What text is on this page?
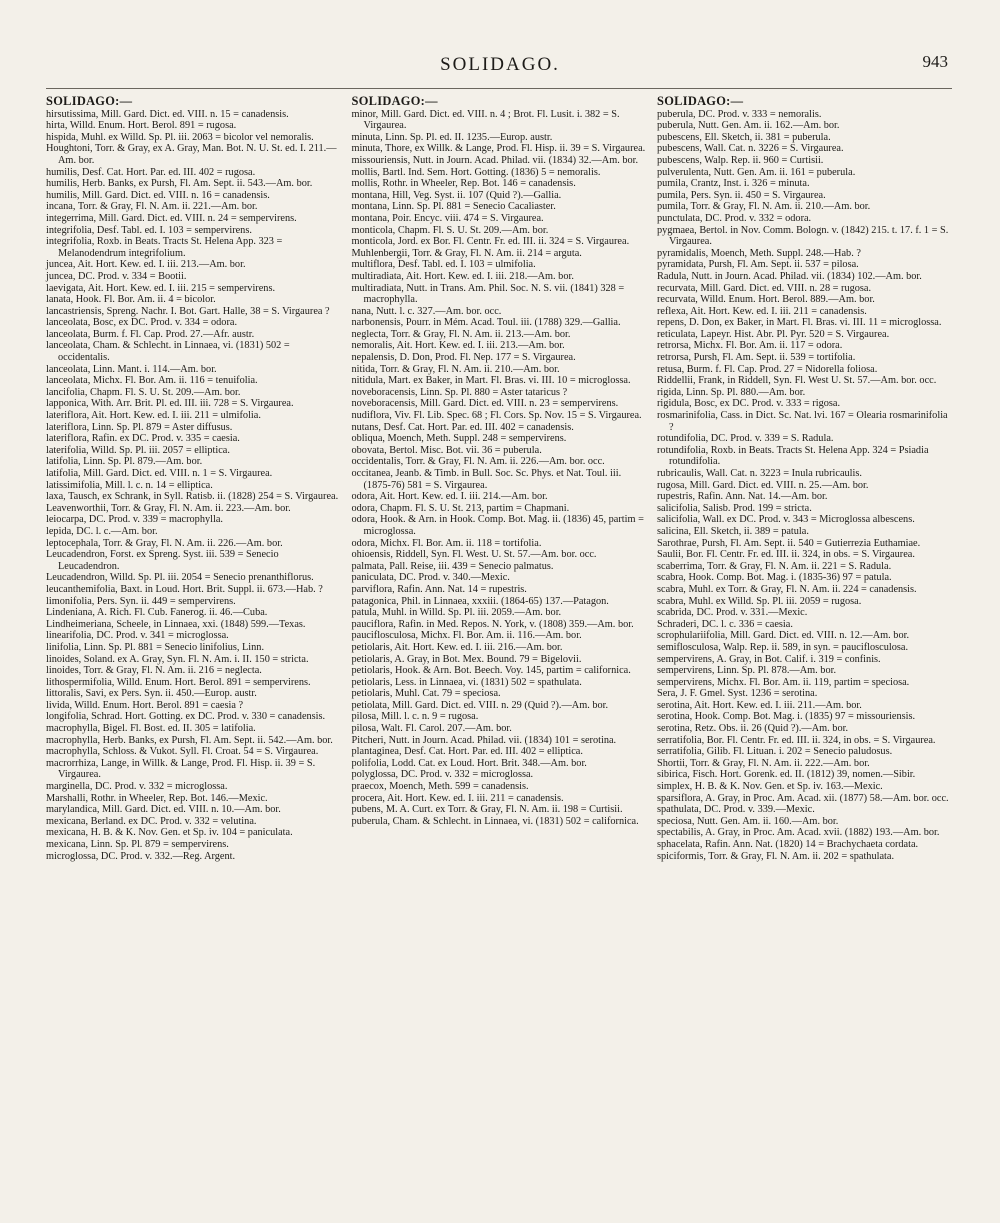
SOLIDAGO.	943
SOLIDAGO:—
hirsutissima, Mill. Gard. Dict. ed. VIII. n. 15 = canadensis.
hirta, Willd. Enum. Hort. Berol. 891 = rugosa.
hispida, Muhl. ex Willd. Sp. Pl. iii. 2063 = bicolor vel nemoralis.
Houghtoni, Torr. & Gray, ex A. Gray, Man. Bot. N. U. St. ed. I. 211.—Am. bor.
humilis, Desf. Cat. Hort. Par. ed. III. 402 = rugosa.
humilis, Herb. Banks, ex Pursh, Fl. Am. Sept. ii. 543.—Am. bor.
humilis, Mill. Gard. Dict. ed. VIII. n. 16 = canadensis.
incana, Torr. & Gray, Fl. N. Am. ii. 221.—Am. bor.
integerrima, Mill. Gard. Dict. ed. VIII. n. 24 = sempervirens.
integrifolia, Desf. Tabl. ed. I. 103 = sempervirens.
integrifolia, Roxb. in Beats. Tracts St. Helena App. 323 = Melanodendrum integrifolium.
juncea, Ait. Hort. Kew. ed. I. iii. 213.—Am. bor.
juncea, DC. Prod. v. 334 = Bootii.
laevigata, Ait. Hort. Kew. ed. I. iii. 215 = sempervirens.
lanata, Hook. Fl. Bor. Am. ii. 4 = bicolor.
lancastriensis, Spreng. Nachr. I. Bot. Gart. Halle, 38 = S. Virgaurea ?
lanceolata, Bosc, ex DC. Prod. v. 334 = odora.
lanceolata, Burm. f. Fl. Cap. Prod. 27.—Afr. austr.
lanceolata, Cham. & Schlecht. in Linnaea, vi. (1831) 502 = occidentalis.
lanceolata, Linn. Mant. i. 114.—Am. bor.
lanceolata, Michx. Fl. Bor. Am. ii. 116 = tenuifolia.
lancifolia, Chapm. Fl. S. U. St. 209.—Am. bor.
lapponica, With. Arr. Brit. Pl. ed. III. iii. 728 = S. Virgaurea.
lateriflora, Ait. Hort. Kew. ed. I. iii. 211 = ulmifolia.
lateriflora, Linn. Sp. Pl. 879 = Aster diffusus.
lateriflora, Rafin. ex DC. Prod. v. 335 = caesia.
laterifolia, Willd. Sp. Pl. iii. 2057 = elliptica.
latifolia, Linn. Sp. Pl. 879.—Am. bor.
latifolia, Mill. Gard. Dict. ed. VIII. n. 1 = S. Virgaurea.
latissimifolia, Mill. l. c. n. 14 = elliptica.
laxa, Tausch, ex Schrank, in Syll. Ratisb. ii. (1828) 254 = S. Virgaurea.
Leavenworthii, Torr. & Gray, Fl. N. Am. ii. 223.—Am. bor.
leiocarpa, DC. Prod. v. 339 = macrophylla.
lepida, DC. l. c.—Am. bor.
leptocephala, Torr. & Gray, Fl. N. Am. ii. 226.—Am. bor.
Leucadendron, Forst. ex Spreng. Syst. iii. 539 = Senecio Leucadendron.
Leucadendron, Willd. Sp. Pl. iii. 2054 = Senecio prenanthiflorus.
leucanthemifolia, Baxt. in Loud. Hort. Brit. Suppl. ii. 673.—Hab. ?
limonifolia, Pers. Syn. ii. 449 = sempervirens.
Lindeniana, A. Rich. Fl. Cub. Fanerog. ii. 46.—Cuba.
Lindheimeriana, Scheele, in Linnaea, xxi. (1848) 599.—Texas.
linearifolia, DC. Prod. v. 341 = microglossa.
linifolia, Linn. Sp. Pl. 881 = Senecio linifolius, Linn.
linoides, Soland. ex A. Gray, Syn. Fl. N. Am. i. II. 150 = stricta.
linoides, Torr. & Gray, Fl. N. Am. ii. 216 = neglecta.
lithospermifolia, Willd. Enum. Hort. Berol. 891 = sempervirens.
littoralis, Savi, ex Pers. Syn. ii. 450.—Europ. austr.
livida, Willd. Enum. Hort. Berol. 891 = caesia ?
longifolia, Schrad. Hort. Gotting. ex DC. Prod. v. 330 = canadensis.
macrophylla, Bigel. Fl. Bost. ed. II. 305 = latifolia.
macrophylla, Herb. Banks, ex Pursh, Fl. Am. Sept. ii. 542.—Am. bor.
macrophylla, Schloss. & Vukot. Syll. Fl. Croat. 54 = S. Virgaurea.
macrorrhiza, Lange, in Willk. & Lange, Prod. Fl. Hisp. ii. 39 = S. Virgaurea.
marginella, DC. Prod. v. 332 = microglossa.
Marshalli, Rothr. in Wheeler, Rep. Bot. 146.—Mexic.
marylandica, Mill. Gard. Dict. ed. VIII. n. 10.—Am. bor.
mexicana, Berland. ex DC. Prod. v. 332 = velutina.
mexicana, H. B. & K. Nov. Gen. et Sp. iv. 104 = paniculata.
mexicana, Linn. Sp. Pl. 879 = sempervirens.
microglossa, DC. Prod. v. 332.—Reg. Argent.
SOLIDAGO:—
minor, Mill. Gard. Dict. ed. VIII. n. 4 ; Brot. Fl. Lusit. i. 382 = S. Virgaurea.
minuta, Linn. Sp. Pl. ed. II. 1235.—Europ. austr.
minuta, Thore, ex Willk. & Lange, Prod. Fl. Hisp. ii. 39 = S. Virgaurea.
missouriensis, Nutt. in Journ. Acad. Philad. vii. (1834) 32.—Am. bor.
mollis, Bartl. Ind. Sem. Hort. Gotting. (1836) 5 = nemoralis.
mollis, Rothr. in Wheeler, Rep. Bot. 146 = canadensis.
montana, Hill, Veg. Syst. ii. 107 (Quid ?).—Gallia.
montana, Linn. Sp. Pl. 881 = Senecio Cacaliaster.
montana, Poir. Encyc. viii. 474 = S. Virgaurea.
monticola, Chapm. Fl. S. U. St. 209.—Am. bor.
monticola, Jord. ex Bor. Fl. Centr. Fr. ed. III. ii. 324 = S. Virgaurea.
Muhlenbergii, Torr. & Gray, Fl. N. Am. ii. 214 = arguta.
multiflora, Desf. Tabl. ed. I. 103 = ulmifolia.
multiradiata, Ait. Hort. Kew. ed. I. iii. 218.—Am. bor.
multiradiata, Nutt. in Trans. Am. Phil. Soc. N. S. vii. (1841) 328 = macrophylla.
nana, Nutt. l. c. 327.—Am. bor. occ.
narbonensis, Pourr. in Mém. Acad. Toul. iii. (1788) 329.—Gallia.
neglecta, Torr. & Gray, Fl. N. Am. ii. 213.—Am. bor.
nemoralis, Ait. Hort. Kew. ed. I. iii. 213.—Am. bor.
nepalensis, D. Don, Prod. Fl. Nep. 177 = S. Virgaurea.
nitida, Torr. & Gray, Fl. N. Am. ii. 210.—Am. bor.
nitidula, Mart. ex Baker, in Mart. Fl. Bras. vi. III. 10 = microglossa.
noveboracensis, Linn. Sp. Pl. 880 = Aster tataricus ?
noveboracensis, Mill. Gard. Dict. ed. VIII. n. 23 = sempervirens.
nudiflora, Viv. Fl. Lib. Spec. 68 ; Fl. Cors. Sp. Nov. 15 = S. Virgaurea.
nutans, Desf. Cat. Hort. Par. ed. III. 402 = canadensis.
obliqua, Moench, Meth. Suppl. 248 = sempervirens.
obovata, Bertol. Misc. Bot. vii. 36 = puberula.
occidentalis, Torr. & Gray, Fl. N. Am. ii. 226.—Am. bor. occ.
occitanea, Jeanb. & Timb. in Bull. Soc. Sc. Phys. et Nat. Toul. iii. (1875-76) 581 = S. Virgaurea.
odora, Ait. Hort. Kew. ed. I. iii. 214.—Am. bor.
odora, Chapm. Fl. S. U. St. 213, partim = Chapmani.
odora, Hook. & Arn. in Hook. Comp. Bot. Mag. ii. (1836) 45, partim = microglossa.
odora, Michx. Fl. Bor. Am. ii. 118 = tortifolia.
ohioensis, Riddell, Syn. Fl. West. U. St. 57.—Am. bor. occ.
palmata, Pall. Reise, iii. 439 = Senecio palmatus.
paniculata, DC. Prod. v. 340.—Mexic.
parviflora, Rafin. Ann. Nat. 14 = rupestris.
patagonica, Phil. in Linnaea, xxxiii. (1864-65) 137.—Patagon.
patula, Muhl. in Willd. Sp. Pl. iii. 2059.—Am. bor.
pauciflora, Rafin. in Med. Repos. N. York, v. (1808) 359.—Am. bor.
pauciflosculosa, Michx. Fl. Bor. Am. ii. 116.—Am. bor.
petiolaris, Ait. Hort. Kew. ed. I. iii. 216.—Am. bor.
petiolaris, A. Gray, in Bot. Mex. Bound. 79 = Bigelovii.
petiolaris, Hook. & Arn. Bot. Beech. Voy. 145, partim = californica.
petiolaris, Less. in Linnaea, vi. (1831) 502 = spathulata.
petiolaris, Muhl. Cat. 79 = speciosa.
petiolata, Mill. Gard. Dict. ed. VIII. n. 29 (Quid ?).—Am. bor.
pilosa, Mill. l. c. n. 9 = rugosa.
pilosa, Walt. Fl. Carol. 207.—Am. bor.
Pitcheri, Nutt. in Journ. Acad. Philad. vii. (1834) 101 = serotina.
plantaginea, Desf. Cat. Hort. Par. ed. III. 402 = elliptica.
polifolia, Lodd. Cat. ex Loud. Hort. Brit. 348.—Am. bor.
polyglossa, DC. Prod. v. 332 = microglossa.
praecox, Moench, Meth. 599 = canadensis.
procera, Ait. Hort. Kew. ed. I. iii. 211 = canadensis.
pubens, M. A. Curt. ex Torr. & Gray, Fl. N. Am. ii. 198 = Curtisii.
puberula, Cham. & Schlecht. in Linnaea, vi. (1831) 502 = californica.
SOLIDAGO:—
puberula, DC. Prod. v. 333 = nemoralis.
puberula, Nutt. Gen. Am. ii. 162.—Am. bor.
pubescens, Ell. Sketch, ii. 381 = puberula.
pubescens, Wall. Cat. n. 3226 = S. Virgaurea.
pubescens, Walp. Rep. ii. 960 = Curtisii.
pulverulenta, Nutt. Gen. Am. ii. 161 = puberula.
pumila, Crantz, Inst. i. 326 = minuta.
pumila, Pers. Syn. ii. 450 = S. Virgaurea.
pumila, Torr. & Gray, Fl. N. Am. ii. 210.—Am. bor.
punctulata, DC. Prod. v. 332 = odora.
pygmaea, Bertol. in Nov. Comm. Bologn. v. (1842) 215. t. 17. f. 1 = S. Virgaurea.
pyramidalis, Moench, Meth. Suppl. 248.—Hab. ?
pyramidata, Pursh, Fl. Am. Sept. ii. 537 = pilosa.
Radula, Nutt. in Journ. Acad. Philad. vii. (1834) 102.—Am. bor.
recurvata, Mill. Gard. Dict. ed. VIII. n. 28 = rugosa.
recurvata, Willd. Enum. Hort. Berol. 889.—Am. bor.
reflexa, Ait. Hort. Kew. ed. I. iii. 211 = canadensis.
repens, D. Don, ex Baker, in Mart. Fl. Bras. vi. III. 11 = microglossa.
reticulata, Lapeyr. Hist. Abr. Pl. Pyr. 520 = S. Virgaurea.
retrorsa, Michx. Fl. Bor. Am. ii. 117 = odora.
retrorsa, Pursh, Fl. Am. Sept. ii. 539 = tortifolia.
retusa, Burm. f. Fl. Cap. Prod. 27 = Nidorella foliosa.
Riddellii, Frank, in Riddell, Syn. Fl. West U. St. 57.—Am. bor. occ.
rigida, Linn. Sp. Pl. 880.—Am. bor.
rigidula, Bosc, ex DC. Prod. v. 333 = rigosa.
rosmarinifolia, Cass. in Dict. Sc. Nat. lvi. 167 = Olearia rosmarinifolia ?
rotundifolia, DC. Prod. v. 339 = S. Radula.
rotundifolia, Roxb. in Beats. Tracts St. Helena App. 324 = Psiadia rotundifolia.
rubricaulis, Wall. Cat. n. 3223 = Inula rubricaulis.
rugosa, Mill. Gard. Dict. ed. VIII. n. 25.—Am. bor.
rupestris, Rafin. Ann. Nat. 14.—Am. bor.
salicifolia, Salisb. Prod. 199 = stricta.
salicifolia, Wall. ex DC. Prod. v. 343 = Microglossa albescens.
salicina, Ell. Sketch, ii. 389 = patula.
Sarothrae, Pursh, Fl. Am. Sept. ii. 540 = Gutierrezia Euthamiae.
Saulii, Bor. Fl. Centr. Fr. ed. III. ii. 324, in obs. = S. Virgaurea.
scaberrima, Torr. & Gray, Fl. N. Am. ii. 221 = S. Radula.
scabra, Hook. Comp. Bot. Mag. i. (1835-36) 97 = patula.
scabra, Muhl. ex Torr. & Gray, Fl. N. Am. ii. 224 = canadensis.
scabra, Muhl. ex Willd. Sp. Pl. iii. 2059 = rugosa.
scabrida, DC. Prod. v. 331.—Mexic.
Schraderi, DC. l. c. 336 = caesia.
scrophulariifolia, Mill. Gard. Dict. ed. VIII. n. 12.—Am. bor.
semiflosculosa, Walp. Rep. ii. 589, in syn. = pauciflosculosa.
sempervirens, A. Gray, in Bot. Calif. i. 319 = confinis.
sempervirens, Linn. Sp. Pl. 878.—Am. bor.
sempervirens, Michx. Fl. Bor. Am. ii. 119, partim = speciosa.
Sera, J. F. Gmel. Syst. 1236 = serotina.
serotina, Ait. Hort. Kew. ed. I. iii. 211.—Am. bor.
serotina, Hook. Comp. Bot. Mag. i. (1835) 97 = missouriensis.
serotina, Retz. Obs. ii. 26 (Quid ?).—Am. bor.
serratifolia, Bor. Fl. Centr. Fr. ed. III. ii. 324, in obs. = S. Virgaurea.
serratifolia, Gilib. Fl. Lituan. i. 202 = Senecio paludosus.
Shortii, Torr. & Gray, Fl. N. Am. ii. 222.—Am. bor.
sibirica, Fisch. Hort. Gorenk. ed. II. (1812) 39, nomen.—Sibir.
simplex, H. B. & K. Nov. Gen. et Sp. iv. 163.—Mexic.
sparsiflora, A. Gray, in Proc. Am. Acad. xii. (1877) 58.—Am. bor. occ.
spathulata, DC. Prod. v. 339.—Mexic.
speciosa, Nutt. Gen. Am. ii. 160.—Am. bor.
spectabilis, A. Gray, in Proc. Am. Acad. xvii. (1882) 193.—Am. bor.
sphacelata, Rafin. Ann. Nat. (1820) 14 = Brachychaeta cordata.
spiciformis, Torr. & Gray, Fl. N. Am. ii. 202 = spathulata.
